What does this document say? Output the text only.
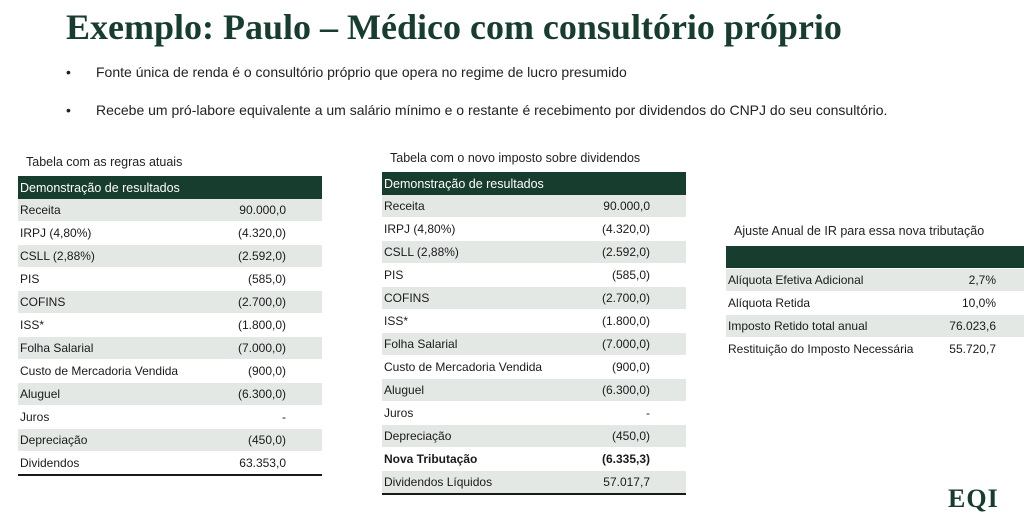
Exemplo: Paulo – Médico com consultório próprio
• Fonte única de renda é o consultório próprio que opera no regime de lucro presumido
• Recebe um pró-labore equivalente a um salário mínimo e o restante é recebimento por dividendos do CNPJ do seu consultório.
Tabela com as regras atuais
Demonstração de resultados	
Receita	90.000,0
IRPJ (4,80%)	(4.320,0)
CSLL (2,88%)	(2.592,0)
PIS	(585,0)
COFINS	(2.700,0)
ISS*	(1.800,0)
Folha Salarial	(7.000,0)
Custo de Mercadoria Vendida	(900,0)
Aluguel	(6.300,0)
Juros	-
Depreciação	(450,0)
Dividendos	63.353,0
Tabela com o novo imposto sobre dividendos
Demonstração de resultados	
Receita	90.000,0
IRPJ (4,80%)	(4.320,0)
CSLL (2,88%)	(2.592,0)
PIS	(585,0)
COFINS	(2.700,0)
ISS*	(1.800,0)
Folha Salarial	(7.000,0)
Custo de Mercadoria Vendida	(900,0)
Aluguel	(6.300,0)
Juros	-
Depreciação	(450,0)
Nova Tributação	(6.335,3)
Dividendos Líquidos	57.017,7
Ajuste Anual de IR para essa nova tributação

Alíquota Efetiva Adicional	2,7%
Alíquota Retida	10,0%
Imposto Retido total anual	76.023,6
Restituição do Imposto Necessária	55.720,7
EQI
